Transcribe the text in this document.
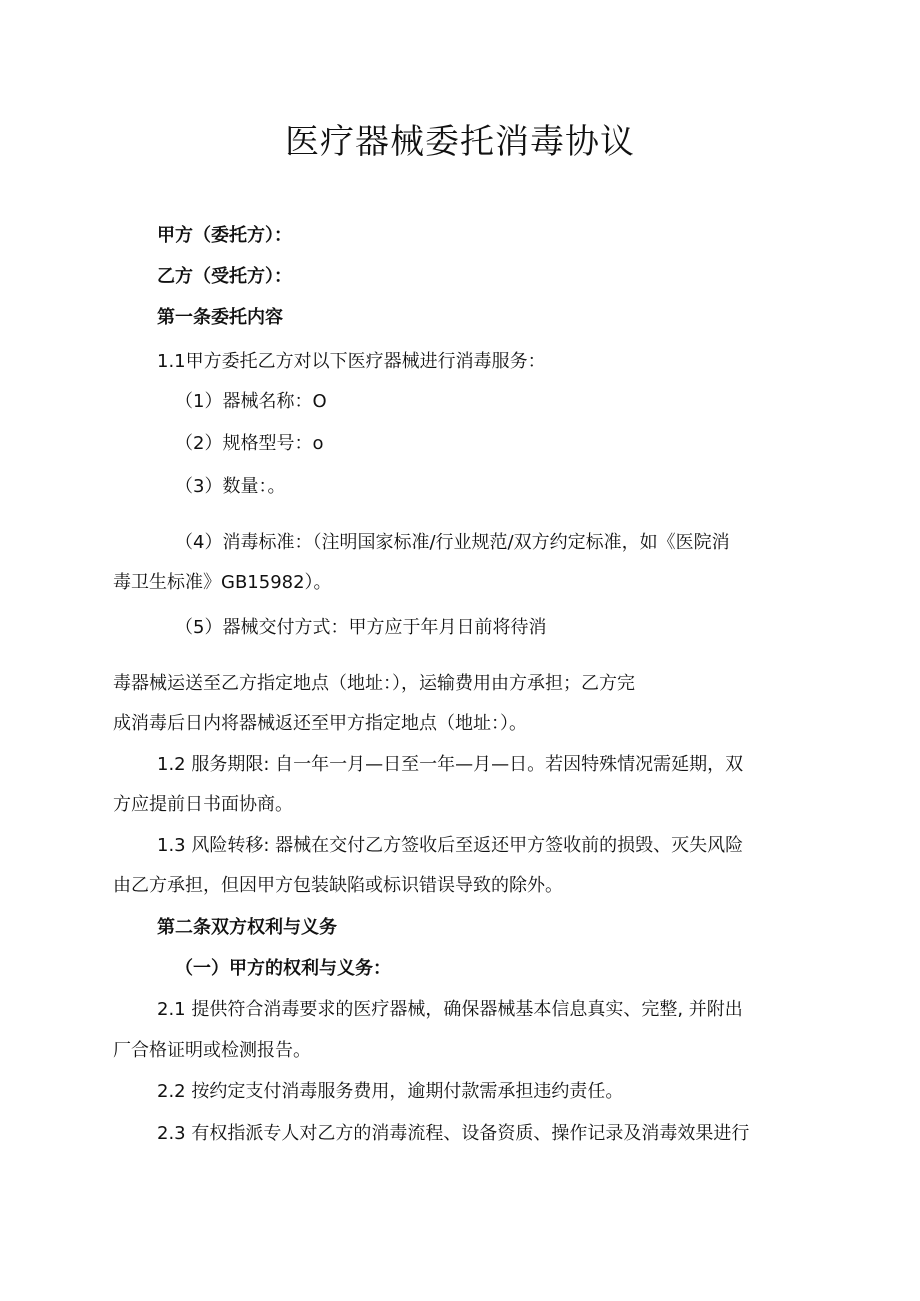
医疗器械委托消毒协议
甲方（委托方）：
乙方（受托方）：
第一条委托内容
1.1甲方委托乙方对以下医疗器械进行消毒服务：
（1）器械名称：O
（2）规格型号：o
（3）数量：。
（4）消毒标准：（注明国家标准/行业规范/双方约定标准，如《医院消
毒卫生标准》GB15982）。
（5）器械交付方式：甲方应于年月日前将待消
毒器械运送至乙方指定地点（地址：），运输费用由方承担；乙方完
成消毒后日内将器械返还至甲方指定地点（地址：）。
1.2 服务期限: 自一年一月—日至一年—月—日。若因特殊情况需延期，双
方应提前日书面协商。
1.3 风险转移: 器械在交付乙方签收后至返还甲方签收前的损毁、灭失风险
由乙方承担，但因甲方包装缺陷或标识错误导致的除外。
第二条双方权利与义务
（一）甲方的权利与义务：
2.1 提供符合消毒要求的医疗器械，确保器械基本信息真实、完整, 并附出
厂合格证明或检测报告。
2.2 按约定支付消毒服务费用，逾期付款需承担违约责任。
2.3 有权指派专人对乙方的消毒流程、设备资质、操作记录及消毒效果进行
